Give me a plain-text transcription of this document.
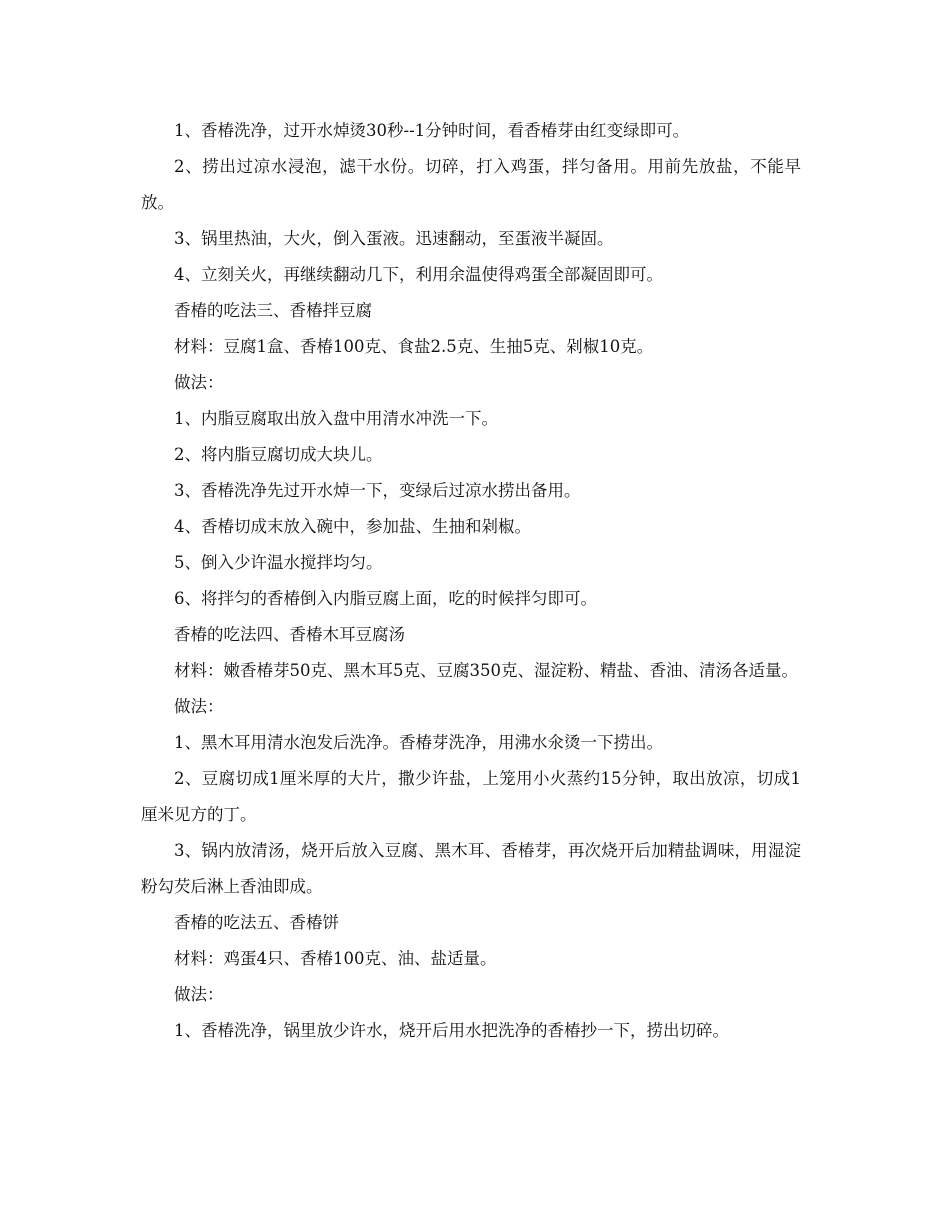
1、香椿洗净，过开水焯烫30秒--1分钟时间，看香椿芽由红变绿即可。

2、捞出过凉水浸泡，滤干水份。切碎，打入鸡蛋，拌匀备用。用前先放盐，不能早放。

3、锅里热油，大火，倒入蛋液。迅速翻动，至蛋液半凝固。

4、立刻关火，再继续翻动几下，利用余温使得鸡蛋全部凝固即可。

香椿的吃法三、香椿拌豆腐

材料：豆腐1盒、香椿100克、食盐2.5克、生抽5克、剁椒10克。

做法：

1、内脂豆腐取出放入盘中用清水冲洗一下。

2、将内脂豆腐切成大块儿。

3、香椿洗净先过开水焯一下，变绿后过凉水捞出备用。

4、香椿切成末放入碗中，参加盐、生抽和剁椒。

5、倒入少许温水搅拌均匀。

6、将拌匀的香椿倒入内脂豆腐上面，吃的时候拌匀即可。

香椿的吃法四、香椿木耳豆腐汤

材料：嫩香椿芽50克、黑木耳5克、豆腐350克、湿淀粉、精盐、香油、清汤各适量。

做法：

1、黑木耳用清水泡发后洗净。香椿芽洗净，用沸水氽烫一下捞出。

2、豆腐切成1厘米厚的大片，撒少许盐，上笼用小火蒸约15分钟，取出放凉，切成1厘米见方的丁。

3、锅内放清汤，烧开后放入豆腐、黑木耳、香椿芽，再次烧开后加精盐调味，用湿淀粉勾芡后淋上香油即成。

香椿的吃法五、香椿饼

材料：鸡蛋4只、香椿100克、油、盐适量。

做法：

1、香椿洗净，锅里放少许水，烧开后用水把洗净的香椿抄一下，捞出切碎。
